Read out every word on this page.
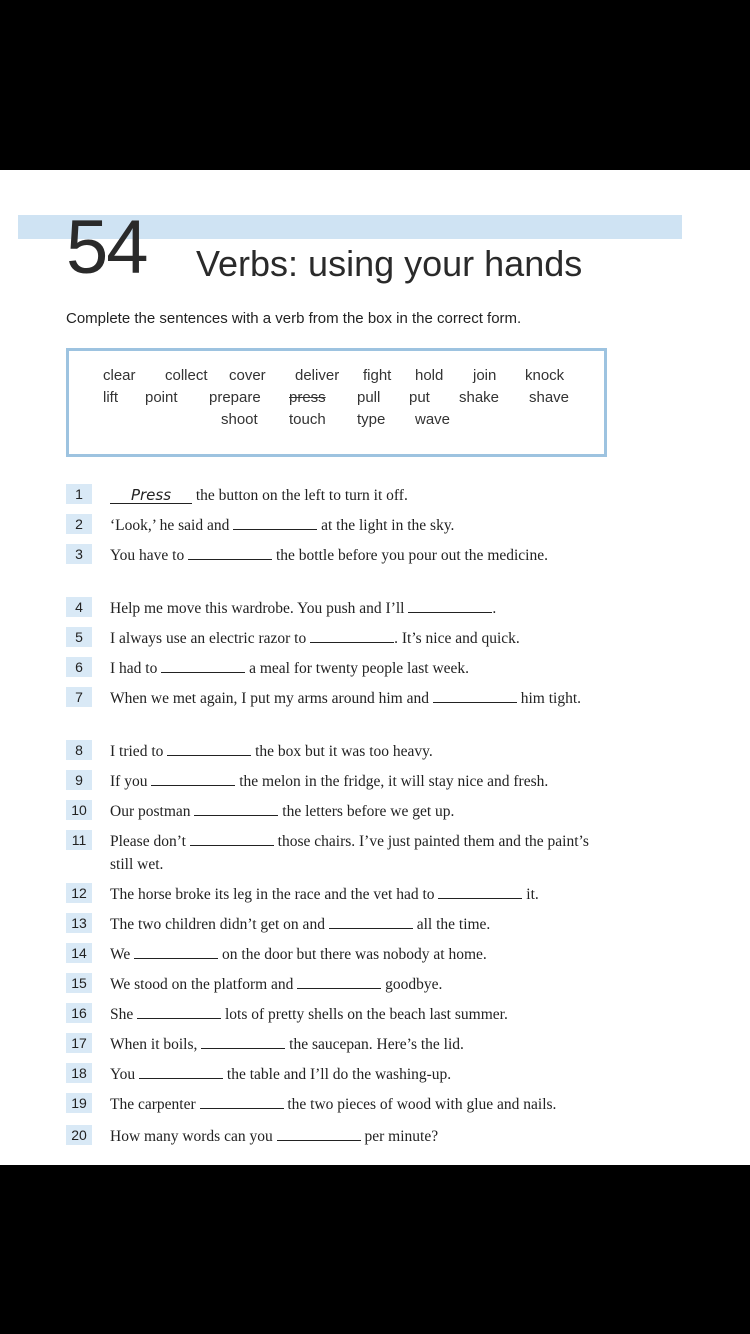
54 Verbs: using your hands
Complete the sentences with a verb from the box in the correct form.
clear collect cover deliver fight hold join knock
lift point prepare press pull put shake shave
shoot touch type wave
1	Press the button on the left to turn it off.
2	‘Look,’ he said and	at the light in the sky.
3	You have to	the bottle before you pour out the medicine.
4	Help me move this wardrobe. You push and I’ll	.
5	I always use an electric razor to	. It’s nice and quick.
6	I had to	a meal for twenty people last week.
7	When we met again, I put my arms around him and	him tight.
8	I tried to	the box but it was too heavy.
9	If you	the melon in the fridge, it will stay nice and fresh.
10	Our postman	the letters before we get up.
11	Please don’t	those chairs. I’ve just painted them and the paint’s still wet.
12	The horse broke its leg in the race and the vet had to	it.
13	The two children didn’t get on and	all the time.
14	We	on the door but there was nobody at home.
15	We stood on the platform and	goodbye.
16	She	lots of pretty shells on the beach last summer.
17	When it boils,	the saucepan. Here’s the lid.
18	You	the table and I’ll do the washing-up.
19	The carpenter	the two pieces of wood with glue and nails.
20	How many words can you	per minute?
